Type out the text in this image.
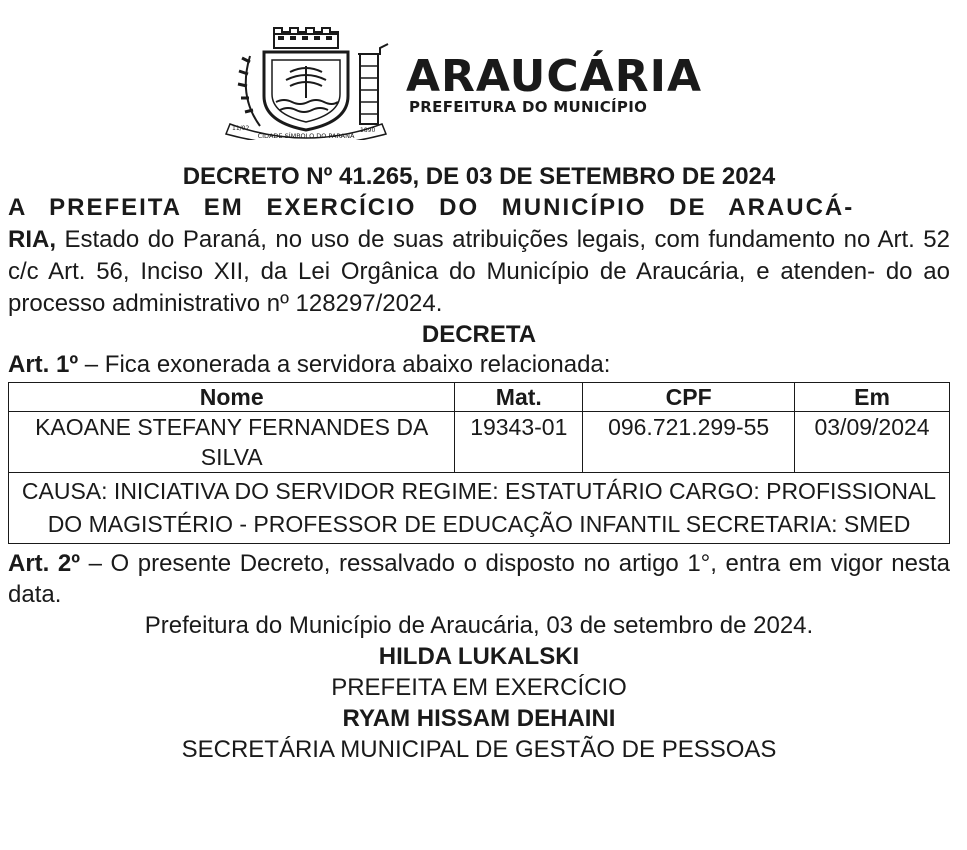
CIDADE SÍMBOLO DO PARANÁ
11/02	1890
ARAUCÁRIA
PREFEITURA DO MUNICÍPIO
DECRETO Nº 41.265, DE 03 DE SETEMBRO DE 2024
A PREFEITA EM EXERCÍCIO DO MUNICÍPIO DE ARAUCÁ-
RIA, Estado do Paraná, no uso de suas atribuições legais, com fundamento no Art. 52 c/c Art. 56, Inciso XII, da Lei Orgânica do Município de Araucária, e atenden- do ao processo administrativo nº 128297/2024.
DECRETA
Art. 1º – Fica exonerada a servidora abaixo relacionada:
Nome	Mat.	CPF	Em
KAOANE STEFANY FERNANDES DA SILVA	19343-01	096.721.299-55	03/09/2024
CAUSA: INICIATIVA DO SERVIDOR REGIME: ESTATUTÁRIO CARGO: PROFISSIONAL DO MAGISTÉRIO - PROFESSOR DE EDUCAÇÃO INFANTIL SECRETARIA: SMED			
Art. 2º – O presente Decreto, ressalvado o disposto no artigo 1°, entra em vigor nesta data.
Prefeitura do Município de Araucária, 03 de setembro de 2024.
HILDA LUKALSKI
PREFEITA EM EXERCÍCIO
RYAM HISSAM DEHAINI
SECRETÁRIA MUNICIPAL DE GESTÃO DE PESSOAS
